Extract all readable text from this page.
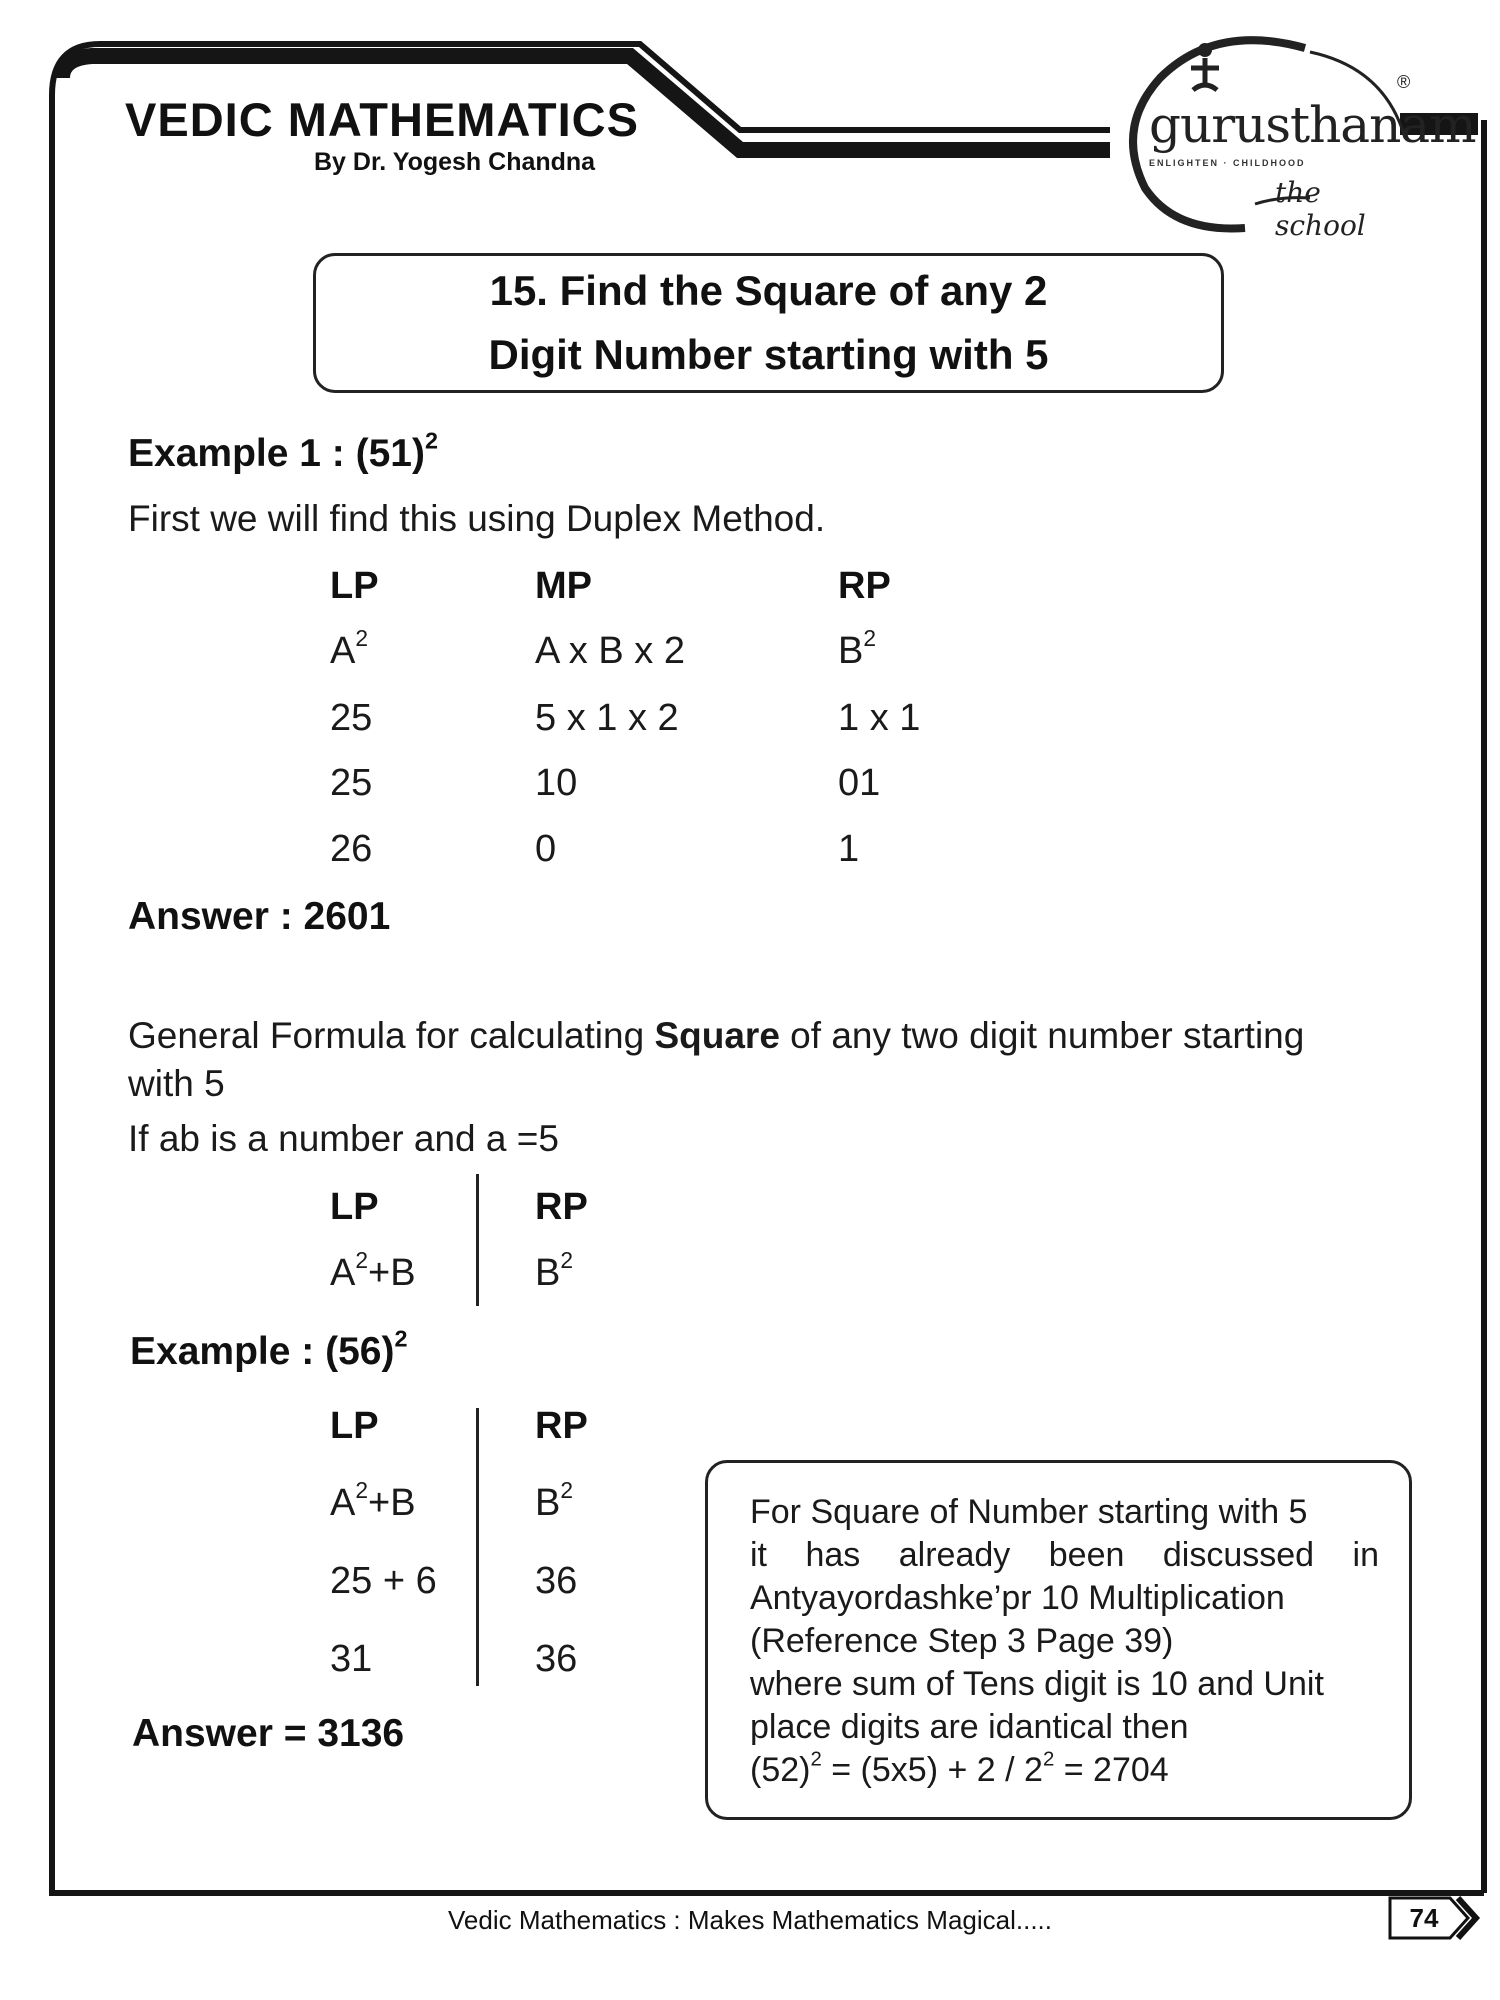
VEDIC MATHEMATICS
By Dr. Yogesh Chandna
gurusthanam
ENLIGHTEN · CHILDHOOD
the school
®
15. Find the Square of any 2
Digit Number starting with 5
Example 1 : $(51)^2$
First we will find this using Duplex Method.
LP	MP	RP
$A^2$	A x B x 2	$B^2$
25	5 x 1 x 2	1 x 1
25	10	01
26	0	1
Answer : 2601
General Formula for calculating Square of any two digit number starting
with 5
If ab is a number and a =5
LP	RP
$A^2+B$	$B^2$
Example : $(56)^2$
LP	RP
$A^2+B$	$B^2$
25 + 6	36
31	36
Answer = 3136
For Square of Number starting with 5
it has already been discussed in
Antyayordashke’pr 10 Multiplication
(Reference Step 3 Page 39)
where sum of Tens digit is 10 and Unit
place digits are idantical then
$(52)^2 = (5x5) + 2 / 2^2 = 2704$
Vedic Mathematics : Makes Mathematics Magical.....	74
